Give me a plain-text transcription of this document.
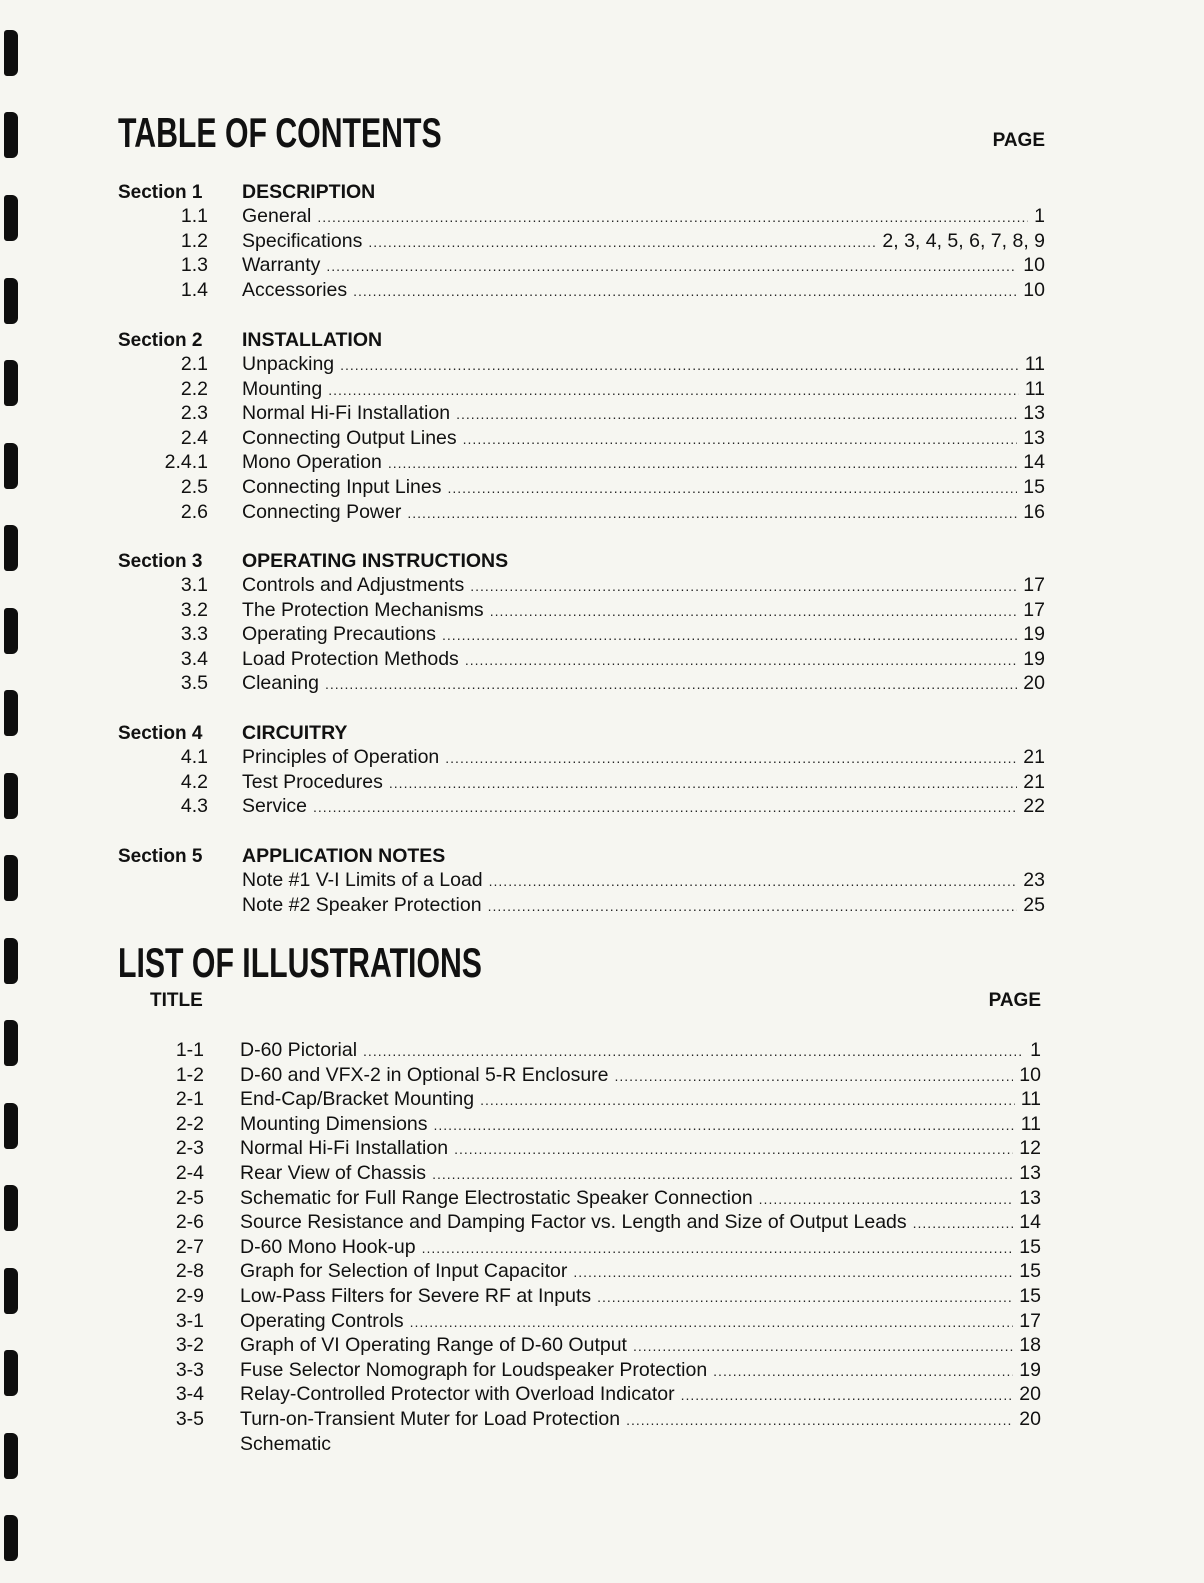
TABLE OF CONTENTS	PAGE
Section 1	DESCRIPTION
1.1 General .....	1
1.2 Specifications .....	2, 3, 4, 5, 6, 7, 8, 9
1.3 Warranty .....	10
1.4 Accessories .....	10
Section 2	INSTALLATION
2.1 Unpacking .....	11
2.2 Mounting .....	11
2.3 Normal Hi-Fi Installation .....	13
2.4 Connecting Output Lines .....	13
2.4.1 Mono Operation .....	14
2.5 Connecting Input Lines .....	15
2.6 Connecting Power .....	16
Section 3	OPERATING INSTRUCTIONS
3.1 Controls and Adjustments .....	17
3.2 The Protection Mechanisms .....	17
3.3 Operating Precautions .....	19
3.4 Load Protection Methods .....	19
3.5 Cleaning .....	20
Section 4	CIRCUITRY
4.1 Principles of Operation .....	21
4.2 Test Procedures .....	21
4.3 Service .....	22
Section 5	APPLICATION NOTES
Note #1 V-I Limits of a Load .....	23
Note #2 Speaker Protection .....	25
LIST OF ILLUSTRATIONS
TITLE	PAGE
1-1 D-60 Pictorial .....	1
1-2 D-60 and VFX-2 in Optional 5-R Enclosure .....	10
2-1 End-Cap/Bracket Mounting .....	11
2-2 Mounting Dimensions .....	11
2-3 Normal Hi-Fi Installation .....	12
2-4 Rear View of Chassis .....	13
2-5 Schematic for Full Range Electrostatic Speaker Connection .....	13
2-6 Source Resistance and Damping Factor vs. Length and Size of Output Leads .....	14
2-7 D-60 Mono Hook-up .....	15
2-8 Graph for Selection of Input Capacitor .....	15
2-9 Low-Pass Filters for Severe RF at Inputs .....	15
3-1 Operating Controls .....	17
3-2 Graph of VI Operating Range of D-60 Output .....	18
3-3 Fuse Selector Nomograph for Loudspeaker Protection .....	19
3-4 Relay-Controlled Protector with Overload Indicator .....	20
3-5 Turn-on-Transient Muter for Load Protection .....	20
Schematic
